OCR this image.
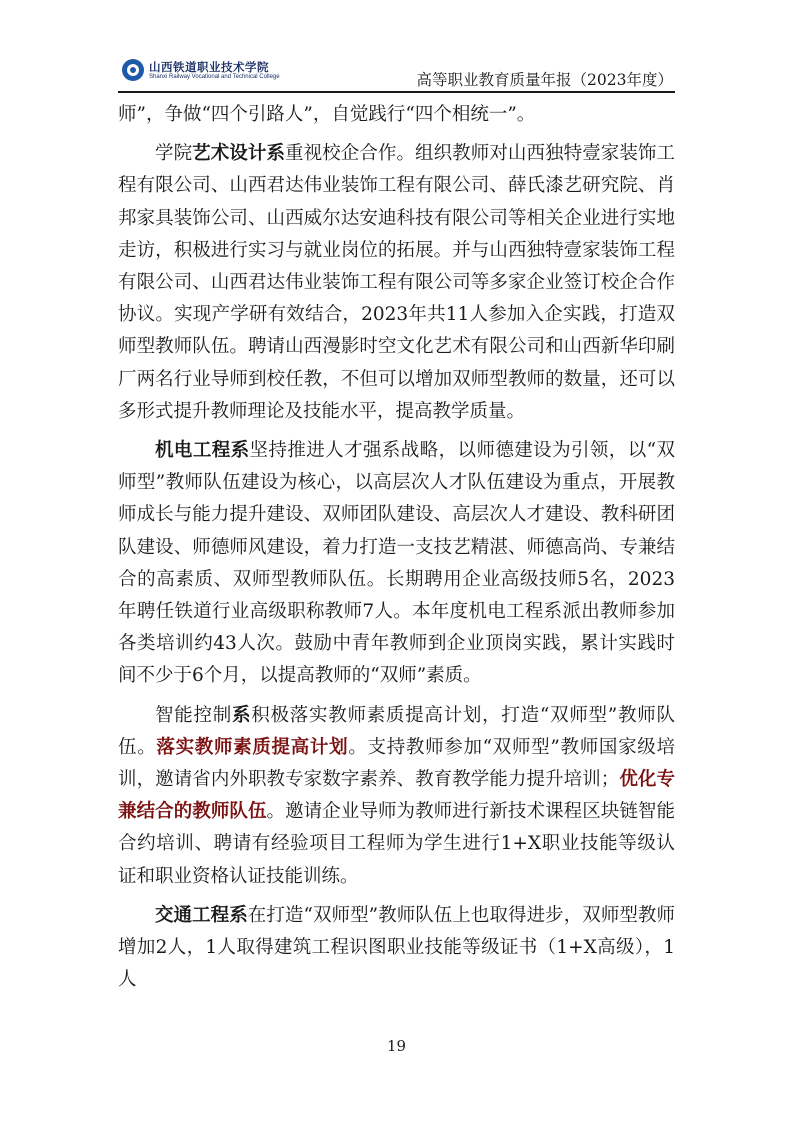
山西铁道职业技术学院
Shanxi Railway Vocational and Technical College	高等职业教育质量年报（2023年度）

师”，争做“四个引路人”，自觉践行“四个相统一”。

学院艺术设计系重视校企合作。组织教师对山西独特壹家装饰工程有限公司、山西君达伟业装饰工程有限公司、薛氏漆艺研究院、肖邦家具装饰公司、山西威尔达安迪科技有限公司等相关企业进行实地走访，积极进行实习与就业岗位的拓展。并与山西独特壹家装饰工程有限公司、山西君达伟业装饰工程有限公司等多家企业签订校企合作协议。实现产学研有效结合，2023年共11人参加入企实践，打造双师型教师队伍。聘请山西漫影时空文化艺术有限公司和山西新华印刷厂两名行业导师到校任教，不但可以增加双师型教师的数量，还可以多形式提升教师理论及技能水平，提高教学质量。

机电工程系坚持推进人才强系战略，以师德建设为引领，以“双师型”教师队伍建设为核心，以高层次人才队伍建设为重点，开展教师成长与能力提升建设、双师团队建设、高层次人才建设、教科研团队建设、师德师风建设，着力打造一支技艺精湛、师德高尚、专兼结合的高素质、双师型教师队伍。长期聘用企业高级技师5名，2023年聘任铁道行业高级职称教师7人。本年度机电工程系派出教师参加各类培训约43人次。鼓励中青年教师到企业顶岗实践，累计实践时间不少于6个月，以提高教师的“双师”素质。

智能控制系积极落实教师素质提高计划，打造“双师型”教师队伍。落实教师素质提高计划。支持教师参加“双师型”教师国家级培训，邀请省内外职教专家数字素养、教育教学能力提升培训；优化专兼结合的教师队伍。邀请企业导师为教师进行新技术课程区块链智能合约培训、聘请有经验项目工程师为学生进行1+X职业技能等级认证和职业资格认证技能训练。

交通工程系在打造“双师型”教师队伍上也取得进步，双师型教师增加2人，1人取得建筑工程识图职业技能等级证书（1+X高级），1人

19
